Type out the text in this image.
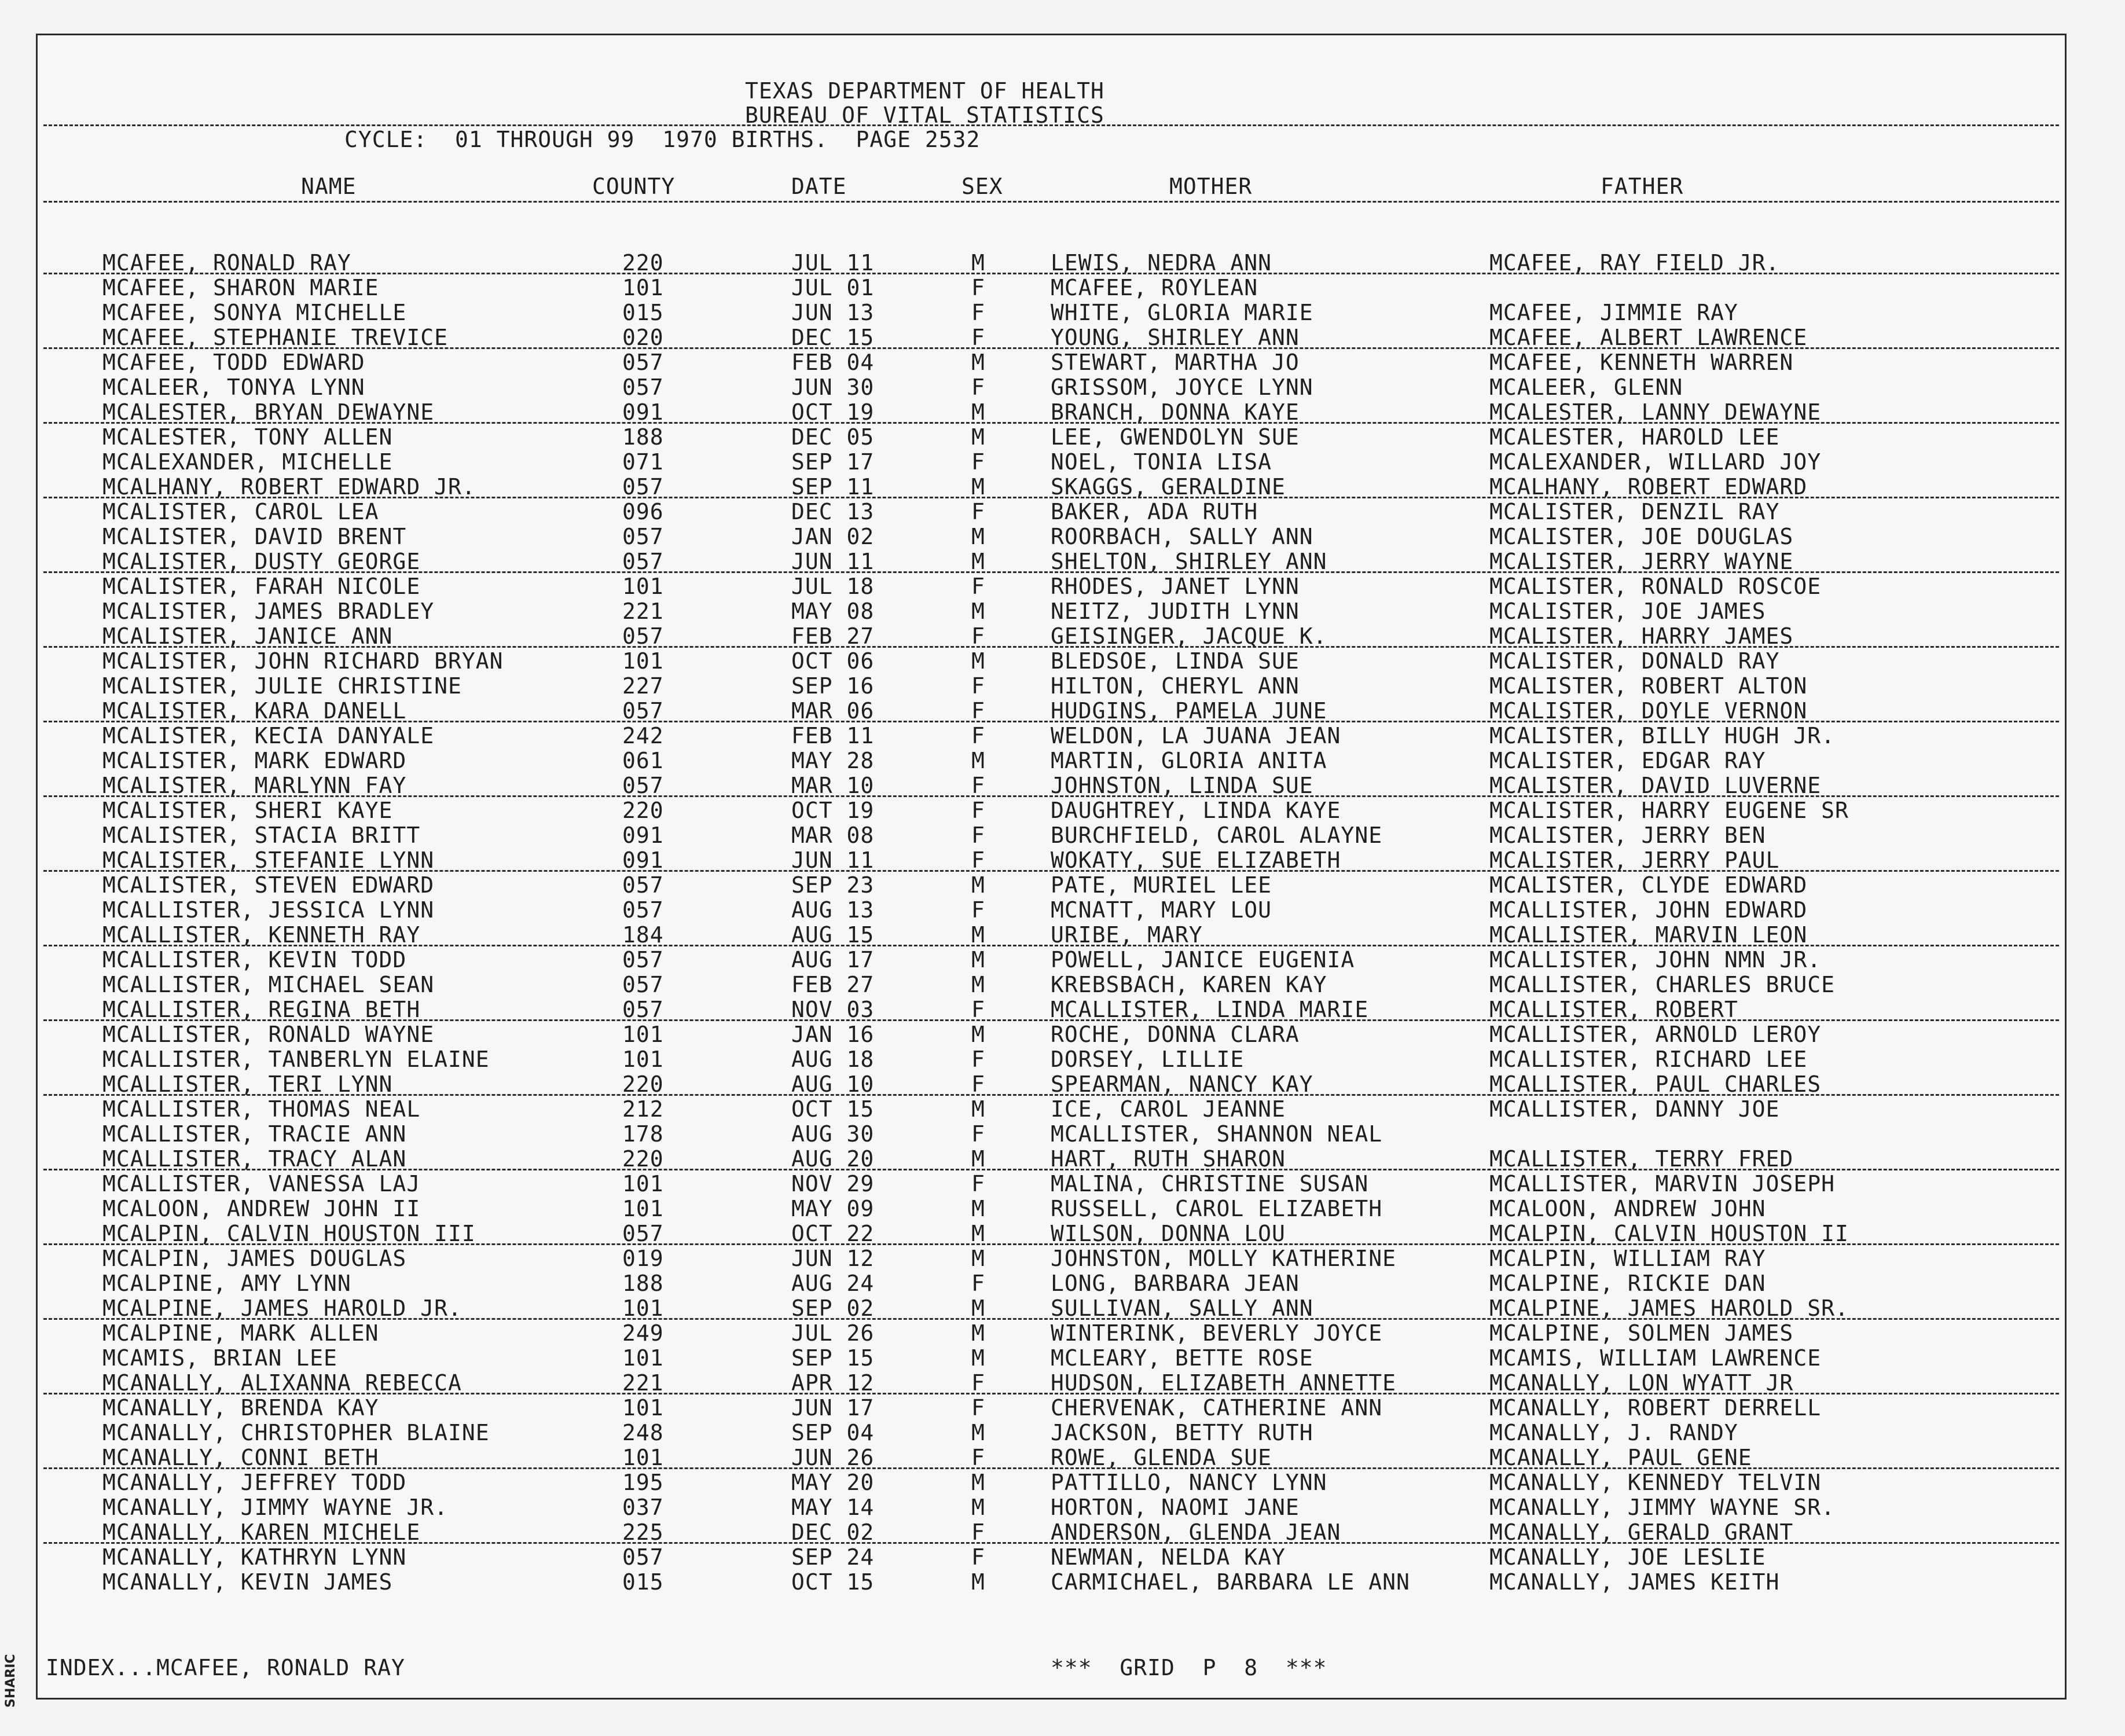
TEXAS DEPARTMENT OF HEALTH
BUREAU OF VITAL STATISTICS
CYCLE:  01 THROUGH 99  1970 BIRTHS.  PAGE 2532
NAME	COUNTY	DATE	SEX	MOTHER	FATHER
MCAFEE, RONALD RAY	220	JUL 11	M	LEWIS, NEDRA ANN	MCAFEE, RAY FIELD JR.
MCAFEE, SHARON MARIE	101	JUL 01	F	MCAFEE, ROYLEAN
MCAFEE, SONYA MICHELLE	015	JUN 13	F	WHITE, GLORIA MARIE	MCAFEE, JIMMIE RAY
MCAFEE, STEPHANIE TREVICE	020	DEC 15	F	YOUNG, SHIRLEY ANN	MCAFEE, ALBERT LAWRENCE
MCAFEE, TODD EDWARD	057	FEB 04	M	STEWART, MARTHA JO	MCAFEE, KENNETH WARREN
MCALEER, TONYA LYNN	057	JUN 30	F	GRISSOM, JOYCE LYNN	MCALEER, GLENN
MCALESTER, BRYAN DEWAYNE	091	OCT 19	M	BRANCH, DONNA KAYE	MCALESTER, LANNY DEWAYNE
MCALESTER, TONY ALLEN	188	DEC 05	M	LEE, GWENDOLYN SUE	MCALESTER, HAROLD LEE
MCALEXANDER, MICHELLE	071	SEP 17	F	NOEL, TONIA LISA	MCALEXANDER, WILLARD JOY
MCALHANY, ROBERT EDWARD JR.	057	SEP 11	M	SKAGGS, GERALDINE	MCALHANY, ROBERT EDWARD
MCALISTER, CAROL LEA	096	DEC 13	F	BAKER, ADA RUTH	MCALISTER, DENZIL RAY
MCALISTER, DAVID BRENT	057	JAN 02	M	ROORBACH, SALLY ANN	MCALISTER, JOE DOUGLAS
MCALISTER, DUSTY GEORGE	057	JUN 11	M	SHELTON, SHIRLEY ANN	MCALISTER, JERRY WAYNE
MCALISTER, FARAH NICOLE	101	JUL 18	F	RHODES, JANET LYNN	MCALISTER, RONALD ROSCOE
MCALISTER, JAMES BRADLEY	221	MAY 08	M	NEITZ, JUDITH LYNN	MCALISTER, JOE JAMES
MCALISTER, JANICE ANN	057	FEB 27	F	GEISINGER, JACQUE K.	MCALISTER, HARRY JAMES
MCALISTER, JOHN RICHARD BRYAN	101	OCT 06	M	BLEDSOE, LINDA SUE	MCALISTER, DONALD RAY
MCALISTER, JULIE CHRISTINE	227	SEP 16	F	HILTON, CHERYL ANN	MCALISTER, ROBERT ALTON
MCALISTER, KARA DANELL	057	MAR 06	F	HUDGINS, PAMELA JUNE	MCALISTER, DOYLE VERNON
MCALISTER, KECIA DANYALE	242	FEB 11	F	WELDON, LA JUANA JEAN	MCALISTER, BILLY HUGH JR.
MCALISTER, MARK EDWARD	061	MAY 28	M	MARTIN, GLORIA ANITA	MCALISTER, EDGAR RAY
MCALISTER, MARLYNN FAY	057	MAR 10	F	JOHNSTON, LINDA SUE	MCALISTER, DAVID LUVERNE
MCALISTER, SHERI KAYE	220	OCT 19	F	DAUGHTREY, LINDA KAYE	MCALISTER, HARRY EUGENE SR
MCALISTER, STACIA BRITT	091	MAR 08	F	BURCHFIELD, CAROL ALAYNE	MCALISTER, JERRY BEN
MCALISTER, STEFANIE LYNN	091	JUN 11	F	WOKATY, SUE ELIZABETH	MCALISTER, JERRY PAUL
MCALISTER, STEVEN EDWARD	057	SEP 23	M	PATE, MURIEL LEE	MCALISTER, CLYDE EDWARD
MCALLISTER, JESSICA LYNN	057	AUG 13	F	MCNATT, MARY LOU	MCALLISTER, JOHN EDWARD
MCALLISTER, KENNETH RAY	184	AUG 15	M	URIBE, MARY	MCALLISTER, MARVIN LEON
MCALLISTER, KEVIN TODD	057	AUG 17	M	POWELL, JANICE EUGENIA	MCALLISTER, JOHN NMN JR.
MCALLISTER, MICHAEL SEAN	057	FEB 27	M	KREBSBACH, KAREN KAY	MCALLISTER, CHARLES BRUCE
MCALLISTER, REGINA BETH	057	NOV 03	F	MCALLISTER, LINDA MARIE	MCALLISTER, ROBERT
MCALLISTER, RONALD WAYNE	101	JAN 16	M	ROCHE, DONNA CLARA	MCALLISTER, ARNOLD LEROY
MCALLISTER, TANBERLYN ELAINE	101	AUG 18	F	DORSEY, LILLIE	MCALLISTER, RICHARD LEE
MCALLISTER, TERI LYNN	220	AUG 10	F	SPEARMAN, NANCY KAY	MCALLISTER, PAUL CHARLES
MCALLISTER, THOMAS NEAL	212	OCT 15	M	ICE, CAROL JEANNE	MCALLISTER, DANNY JOE
MCALLISTER, TRACIE ANN	178	AUG 30	F	MCALLISTER, SHANNON NEAL
MCALLISTER, TRACY ALAN	220	AUG 20	M	HART, RUTH SHARON	MCALLISTER, TERRY FRED
MCALLISTER, VANESSA LAJ	101	NOV 29	F	MALINA, CHRISTINE SUSAN	MCALLISTER, MARVIN JOSEPH
MCALOON, ANDREW JOHN II	101	MAY 09	M	RUSSELL, CAROL ELIZABETH	MCALOON, ANDREW JOHN
MCALPIN, CALVIN HOUSTON III	057	OCT 22	M	WILSON, DONNA LOU	MCALPIN, CALVIN HOUSTON II
MCALPIN, JAMES DOUGLAS	019	JUN 12	M	JOHNSTON, MOLLY KATHERINE	MCALPIN, WILLIAM RAY
MCALPINE, AMY LYNN	188	AUG 24	F	LONG, BARBARA JEAN	MCALPINE, RICKIE DAN
MCALPINE, JAMES HAROLD JR.	101	SEP 02	M	SULLIVAN, SALLY ANN	MCALPINE, JAMES HAROLD SR.
MCALPINE, MARK ALLEN	249	JUL 26	M	WINTERINK, BEVERLY JOYCE	MCALPINE, SOLMEN JAMES
MCAMIS, BRIAN LEE	101	SEP 15	M	MCLEARY, BETTE ROSE	MCAMIS, WILLIAM LAWRENCE
MCANALLY, ALIXANNA REBECCA	221	APR 12	F	HUDSON, ELIZABETH ANNETTE	MCANALLY, LON WYATT JR
MCANALLY, BRENDA KAY	101	JUN 17	F	CHERVENAK, CATHERINE ANN	MCANALLY, ROBERT DERRELL
MCANALLY, CHRISTOPHER BLAINE	248	SEP 04	M	JACKSON, BETTY RUTH	MCANALLY, J. RANDY
MCANALLY, CONNI BETH	101	JUN 26	F	ROWE, GLENDA SUE	MCANALLY, PAUL GENE
MCANALLY, JEFFREY TODD	195	MAY 20	M	PATTILLO, NANCY LYNN	MCANALLY, KENNEDY TELVIN
MCANALLY, JIMMY WAYNE JR.	037	MAY 14	M	HORTON, NAOMI JANE	MCANALLY, JIMMY WAYNE SR.
MCANALLY, KAREN MICHELE	225	DEC 02	F	ANDERSON, GLENDA JEAN	MCANALLY, GERALD GRANT
MCANALLY, KATHRYN LYNN	057	SEP 24	F	NEWMAN, NELDA KAY	MCANALLY, JOE LESLIE
MCANALLY, KEVIN JAMES	015	OCT 15	M	CARMICHAEL, BARBARA LE ANN	MCANALLY, JAMES KEITH
INDEX...MCAFEE, RONALD RAY	***  GRID  P  8  ***
SHARIC
